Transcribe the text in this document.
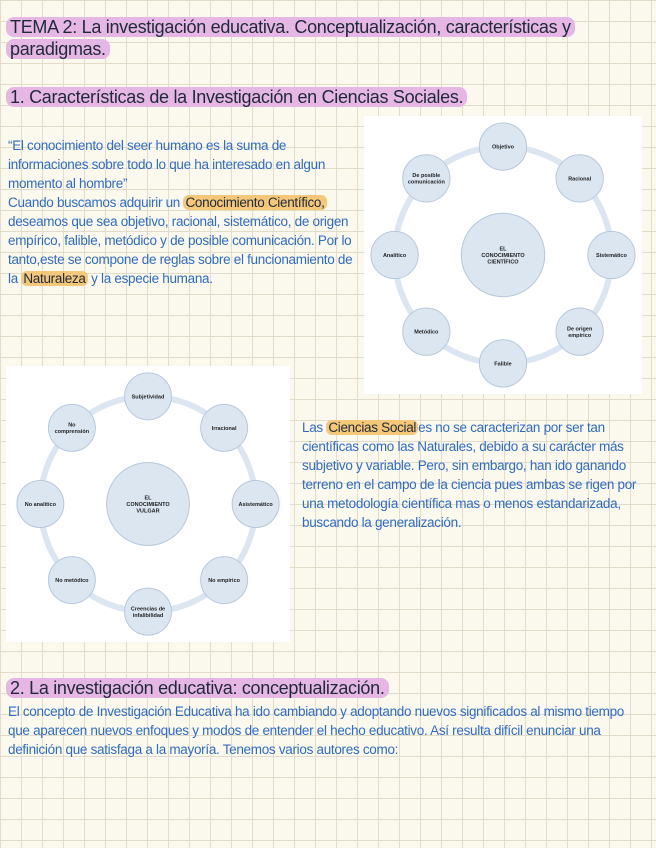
TEMA 2: La investigación educativa. Conceptualización, características y paradigmas.
1. Características de la Investigación en Ciencias Sociales.
“El conocimiento del seer humano es la suma de informaciones sobre todo lo que ha interesado en algun momento al hombre”
Cuando buscamos adquirir un Conocimiento Científico, deseamos que sea objetivo, racional, sistemático, de origen empírico, falible, metódico y de posible comunicación. Por lo tanto,este se compone de reglas sobre el funcionamiento de la Naturaleza y la especie humana.
EL
CONOCIMIENTO
CIENTÍFICO
Objetivo
Racional
Sistemático
De origen
empírico
Falible
Metódico
Analítico
De posible
comunicación
EL
CONOCIMIENTO
VULGAR
Subjetividad
Irracional
Asistemático
No empírico
Creencias de
infalibilidad
No metódico
No analítico
No
comprensión	Las Ciencias Social es no se caracterizan por ser tan científicas como las Naturales, debido a su carácter más subjetivo y variable. Pero, sin embargo, han ido ganando terreno en el campo de la ciencia pues ambas se rigen por una metodología científica mas o menos estandarizada, buscando la generalización.
2. La investigación educativa: conceptualización.
El concepto de Investigación Educativa ha ido cambiando y adoptando nuevos significados al mismo tiempo que aparecen nuevos enfoques y modos de entender el hecho educativo. Así resulta difícil enunciar una definición que satisfaga a la mayoría. Tenemos varios autores como:
